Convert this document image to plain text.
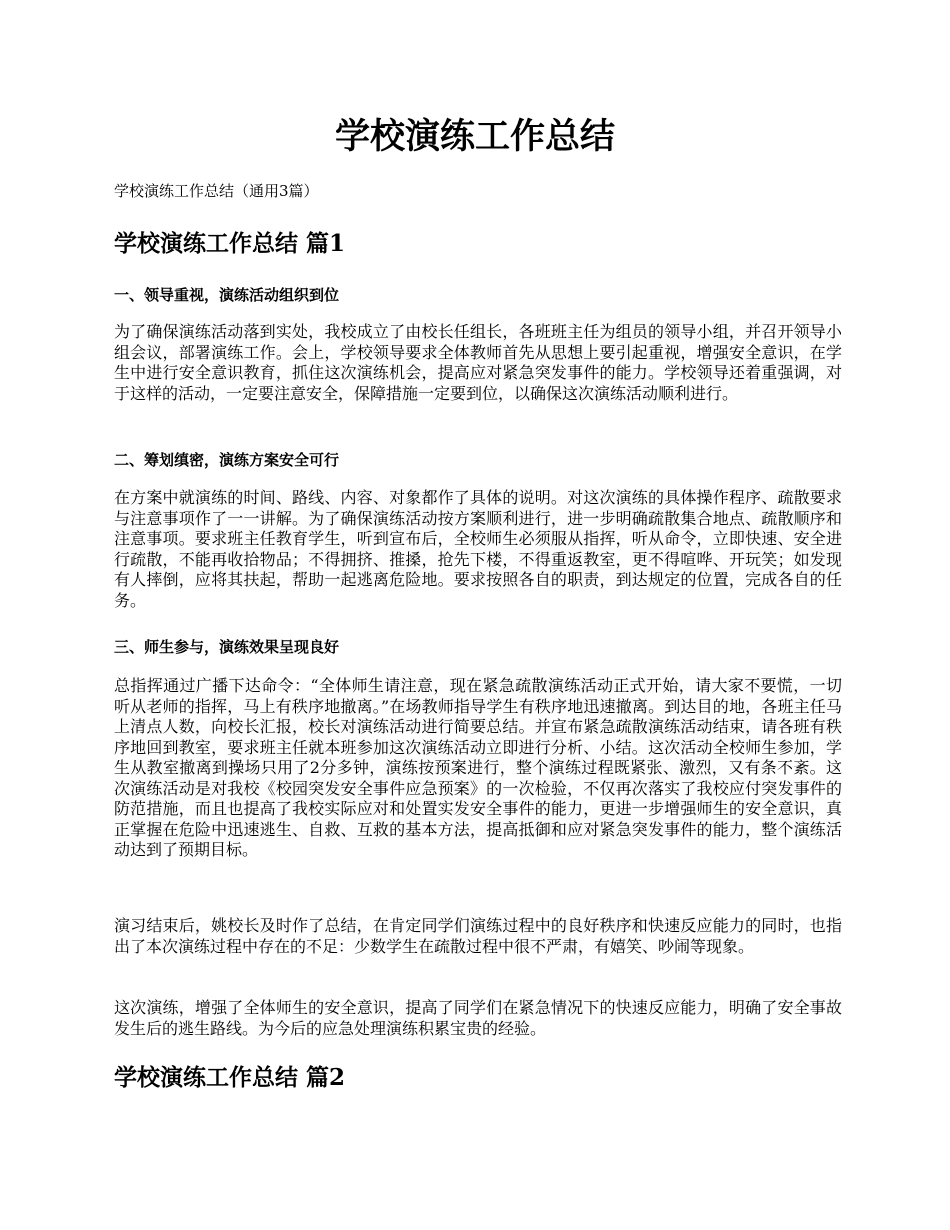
学校演练工作总结

学校演练工作总结（通用3篇）

学校演练工作总结 篇1
一、领导重视，演练活动组织到位

为了确保演练活动落到实处，我校成立了由校长任组长，各班班主任为组员的领导小组，并召开领导小组会议，部署演练工作。会上，学校领导要求全体教师首先从思想上要引起重视，增强安全意识，在学生中进行安全意识教育，抓住这次演练机会，提高应对紧急突发事件的能力。学校领导还着重强调，对于这样的活动，一定要注意安全，保障措施一定要到位，以确保这次演练活动顺利进行。

二、筹划缜密，演练方案安全可行

在方案中就演练的时间、路线、内容、对象都作了具体的说明。对这次演练的具体操作程序、疏散要求与注意事项作了一一讲解。为了确保演练活动按方案顺利进行，进一步明确疏散集合地点、疏散顺序和注意事项。要求班主任教育学生，听到宣布后，全校师生必须服从指挥，听从命令，立即快速、安全进行疏散，不能再收拾物品；不得拥挤、推搡，抢先下楼，不得重返教室，更不得喧哗、开玩笑；如发现有人摔倒，应将其扶起，帮助一起逃离危险地。要求按照各自的职责，到达规定的位置，完成各自的任务。

三、师生参与，演练效果呈现良好

总指挥通过广播下达命令：“全体师生请注意，现在紧急疏散演练活动正式开始，请大家不要慌，一切听从老师的指挥，马上有秩序地撤离。”在场教师指导学生有秩序地迅速撤离。到达目的地，各班主任马上清点人数，向校长汇报，校长对演练活动进行简要总结。并宣布紧急疏散演练活动结束，请各班有秩序地回到教室，要求班主任就本班参加这次演练活动立即进行分析、小结。这次活动全校师生参加，学生从教室撤离到操场只用了2分多钟，演练按预案进行，整个演练过程既紧张、激烈，又有条不紊。这次演练活动是对我校《校园突发安全事件应急预案》的一次检验，不仅再次落实了我校应付突发事件的防范措施，而且也提高了我校实际应对和处置实发安全事件的能力，更进一步增强师生的安全意识，真正掌握在危险中迅速逃生、自救、互救的基本方法，提高抵御和应对紧急突发事件的能力，整个演练活动达到了预期目标。

演习结束后，姚校长及时作了总结，在肯定同学们演练过程中的良好秩序和快速反应能力的同时，也指出了本次演练过程中存在的不足：少数学生在疏散过程中很不严肃，有嬉笑、吵闹等现象。

这次演练，增强了全体师生的安全意识，提高了同学们在紧急情况下的快速反应能力，明确了安全事故发生后的逃生路线。为今后的应急处理演练积累宝贵的经验。

学校演练工作总结 篇2
